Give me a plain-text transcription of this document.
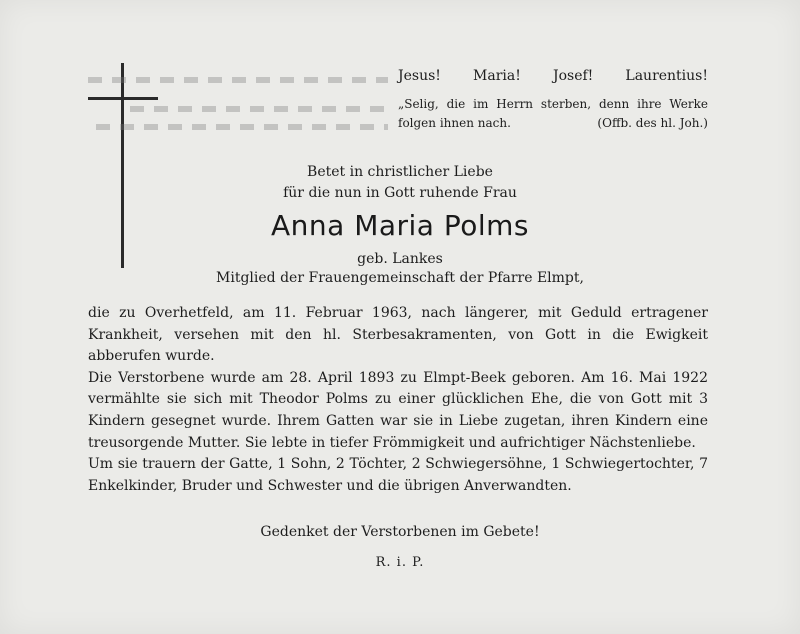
Jesus! Maria! Josef! Laurentius!
„Selig, die im Herrn sterben, denn ihre Werke
folgen ihnen nach.	(Offb. des hl. Joh.)
Betet in christlicher Liebe
für die nun in Gott ruhende Frau
Anna Maria Polms
geb. Lankes
Mitglied der Frauengemeinschaft der Pfarre Elmpt,

die zu Overhetfeld, am 11. Februar 1963, nach längerer, mit Geduld ertragener Krankheit, versehen mit den hl. Sterbesakramenten, von Gott in die Ewigkeit abberufen wurde.

Die Verstorbene wurde am 28. April 1893 zu Elmpt-Beek geboren. Am 16. Mai 1922 vermählte sie sich mit Theodor Polms zu einer glücklichen Ehe, die von Gott mit 3 Kindern gesegnet wurde. Ihrem Gatten war sie in Liebe zugetan, ihren Kindern eine treusorgende Mutter. Sie lebte in tiefer Frömmigkeit und aufrichtiger Nächstenliebe.

Um sie trauern der Gatte, 1 Sohn, 2 Töchter, 2 Schwiegersöhne, 1 Schwiegertochter, 7 Enkelkinder, Bruder und Schwester und die übrigen Anverwandten.

Gedenket der Verstorbenen im Gebete!
R. i. P.
